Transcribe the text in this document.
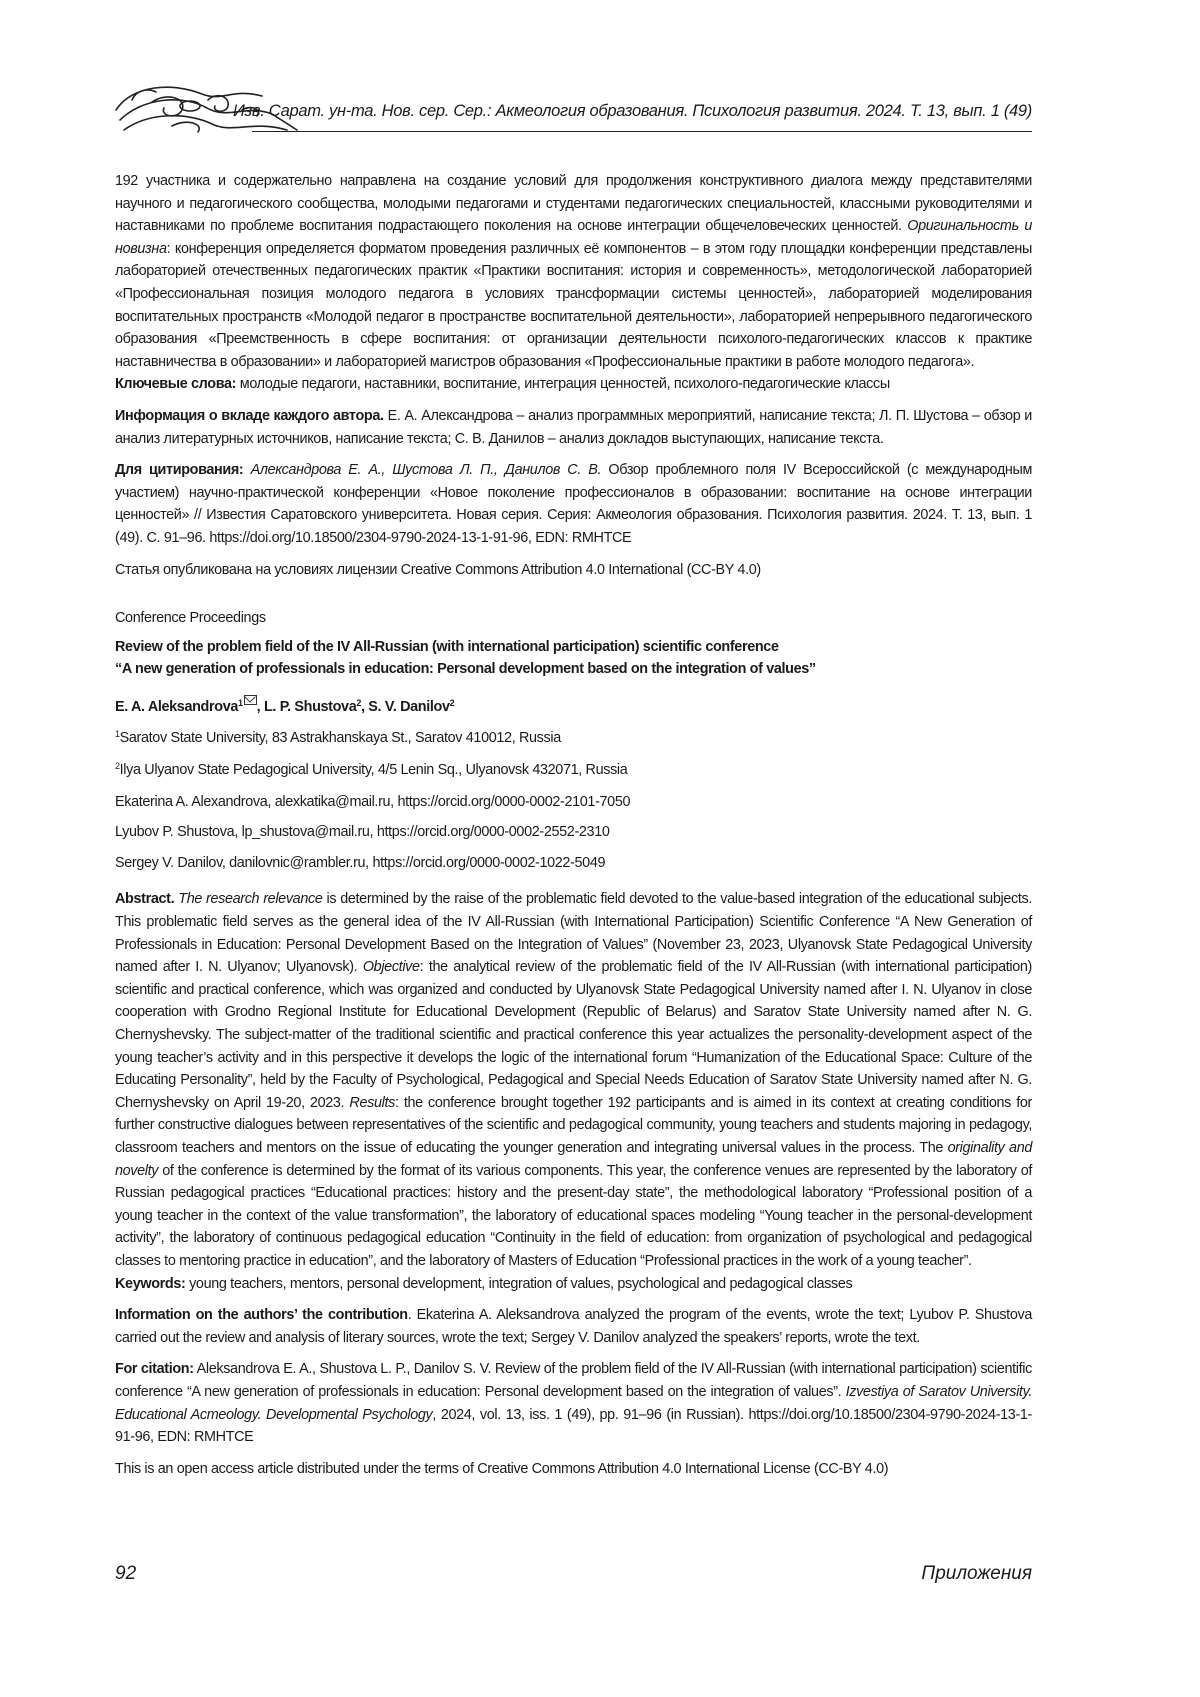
Изв. Сарат. ун-та. Нов. сер. Сер.: Акмеология образования. Психология развития. 2024. Т. 13, вып. 1 (49)

192 участника и содержательно направлена на создание условий для продолжения конструктивного диалога между представителями научного и педагогического сообщества, молодыми педагогами и студентами педагогических специальностей, классными руководителями и наставниками по проблеме воспитания подрастающего поколения на основе интеграции общечеловеческих ценностей. Оригинальность и новизна: конференция определяется форматом проведения различных её компонентов – в этом году площадки конференции представлены лабораторией отечественных педагогических практик «Практики воспитания: история и современность», методологической лабораторией «Профессиональная позиция молодого педагога в условиях трансформации системы ценностей», лабораторией моделирования воспитательных пространств «Молодой педагог в пространстве воспитательной деятельности», лабораторией непрерывного педагогического образования «Преемственность в сфере воспитания: от организации деятельности психолого-педагогических классов к практике наставничества в образовании» и лабораторией магистров образования «Профессиональные практики в работе молодого педагога».

Ключевые слова: молодые педагоги, наставники, воспитание, интеграция ценностей, психолого-педагогические классы

Информация о вкладе каждого автора. Е. А. Александрова – анализ программных мероприятий, написание текста; Л. П. Шустова – обзор и анализ литературных источников, написание текста; С. В. Данилов – анализ докладов выступающих, написание текста.

Для цитирования: Александрова Е. А., Шустова Л. П., Данилов С. В. Обзор проблемного поля IV Всероссийской (с международным участием) научно-практической конференции «Новое поколение профессионалов в образовании: воспитание на основе интеграции ценностей» // Известия Саратовского университета. Новая серия. Серия: Акмеология образования. Психология развития. 2024. Т. 13, вып. 1 (49). С. 91–96. https://doi.org/10.18500/2304-9790-2024-13-1-91-96, EDN: RMHTCE

Статья опубликована на условиях лицензии Creative Commons Attribution 4.0 International (CC-BY 4.0)

Conference Proceedings

Review of the problem field of the IV All-Russian (with international participation) scientific conference
“A new generation of professionals in education: Personal development based on the integration of values”

E. A. Aleksandrova1 , L. P. Shustova2, S. V. Danilov2

1Saratov State University, 83 Astrakhanskaya St., Saratov 410012, Russia

2Ilya Ulyanov State Pedagogical University, 4/5 Lenin Sq., Ulyanovsk 432071, Russia

Ekaterina A. Alexandrova, alexkatika@mail.ru, https://orcid.org/0000-0002-2101-7050

Lyubov P. Shustova, lp_shustova@mail.ru, https://orcid.org/0000-0002-2552-2310

Sergey V. Danilov, danilovnic@rambler.ru, https://orcid.org/0000-0002-1022-5049

Abstract. The research relevance is determined by the raise of the problematic field devoted to the value-based integration of the educational subjects. This problematic field serves as the general idea of the IV All-Russian (with International Participation) Scientific Conference “A New Generation of Professionals in Education: Personal Development Based on the Integration of Values” (November 23, 2023, Ulyanovsk State Pedagogical University named after I. N. Ulyanov; Ulyanovsk). Objective: the analytical review of the problematic field of the IV All-Russian (with international participation) scientific and practical conference, which was organized and conducted by Ulyanovsk State Pedagogical University named after I. N. Ulyanov in close cooperation with Grodno Regional Institute for Educational Development (Republic of Belarus) and Saratov State University named after N. G. Chernyshevsky. The subject-matter of the traditional scientific and practical conference this year actualizes the personality-development aspect of the young teacher’s activity and in this perspective it develops the logic of the international forum “Humanization of the Educational Space: Culture of the Educating Personality”, held by the Faculty of Psychological, Pedagogical and Special Needs Education of Saratov State University named after N. G. Chernyshevsky on April 19-20, 2023. Results: the conference brought together 192 participants and is aimed in its context at creating conditions for further constructive dialogues between representatives of the scientific and pedagogical community, young teachers and students majoring in pedagogy, classroom teachers and mentors on the issue of educating the younger generation and integrating universal values in the process. The originality and novelty of the conference is determined by the format of its various components. This year, the conference venues are represented by the laboratory of Russian pedagogical practices “Educational practices: history and the present-day state”, the methodological laboratory “Professional position of a young teacher in the context of the value transformation”, the laboratory of educational spaces modeling “Young teacher in the personal-development activity”, the laboratory of continuous pedagogical education “Continuity in the field of education: from organization of psychological and pedagogical classes to mentoring practice in education”, and the laboratory of Masters of Education “Professional practices in the work of a young teacher”.

Keywords: young teachers, mentors, personal development, integration of values, psychological and pedagogical classes

Information on the authors’ the contribution. Ekaterina A. Aleksandrova analyzed the program of the events, wrote the text; Lyubov P. Shustova carried out the review and analysis of literary sources, wrote the text; Sergey V. Danilov analyzed the speakers’ reports, wrote the text.

For citation: Aleksandrova E. A., Shustova L. P., Danilov S. V. Review of the problem field of the IV All-Russian (with international participation) scientific conference “A new generation of professionals in education: Personal development based on the integration of values”. Izvestiya of Saratov University. Educational Acmeology. Developmental Psychology, 2024, vol. 13, iss. 1 (49), pp. 91–96 (in Russian). https://doi.org/10.18500/2304-9790-2024-13-1-91-96, EDN: RMHTCE

This is an open access article distributed under the terms of Creative Commons Attribution 4.0 International License (CC-BY 4.0)

92	Приложения
